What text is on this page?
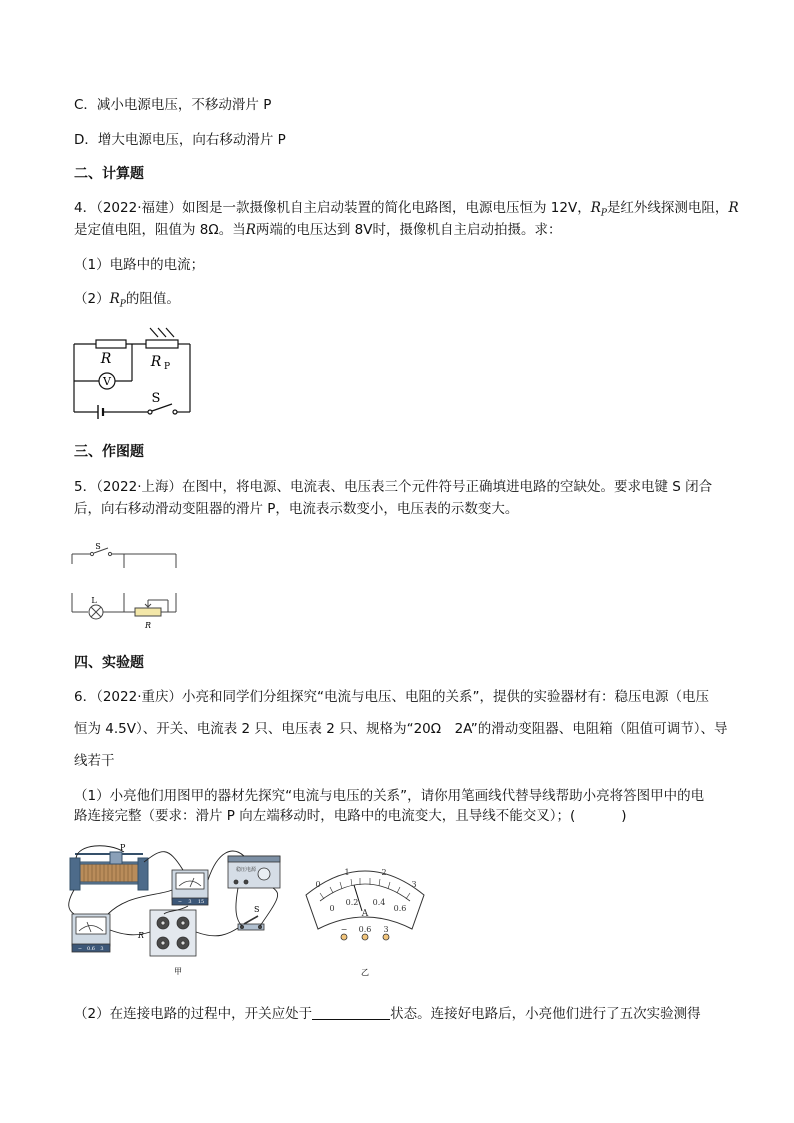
C．减小电源电压，不移动滑片 P
D．增大电源电压，向右移动滑片 P
二、计算题
4．（2022·福建）如图是一款摄像机自主启动装置的简化电路图，电源电压恒为 12V，$R_P$是红外线探测电阻，R
是定值电阻，阻值为 8Ω。当R两端的电压达到 8V时，摄像机自主启动拍摄。求：
（1）电路中的电流；
$(2)R_P$的阻值。
R	R P
V
S
三、作图题
5．（2022·上海）在图中，将电源、电流表、电压表三个元件符号正确填进电路的空缺处。要求电键 S 闭合
后，向右移动滑动变阻器的滑片 P，电流表示数变小，电压表的示数变大。
S
L
R
四、实验题
6．（2022·重庆）小亮和同学们分组探究“电流与电压、电阻的关系”，提供的实验器材有：稳压电源（电压
恒为 4.5V）、开关、电流表 2 只、电压表 2 只、规格为“20Ω　2A”的滑动变阻器、电阻箱（阻值可调节）、导
线若干
（1）小亮他们用图甲的器材先探究“电流与电压的关系”，请你用笔画线代替导线帮助小亮将答图甲中的电
路连接完整（要求：滑片 P 向左端移动时，电路中的电流变大，且导线不能交叉）；(	)
P
− 3 15
稳压电源
S
− 0.6 3
R
甲
0
1	2
3
0
0.2 0.4
0.6
A
− 0.6 3
乙
（2）在连接电路的过程中，开关应处于	状态。连接好电路后，小亮他们进行了五次实验测得
